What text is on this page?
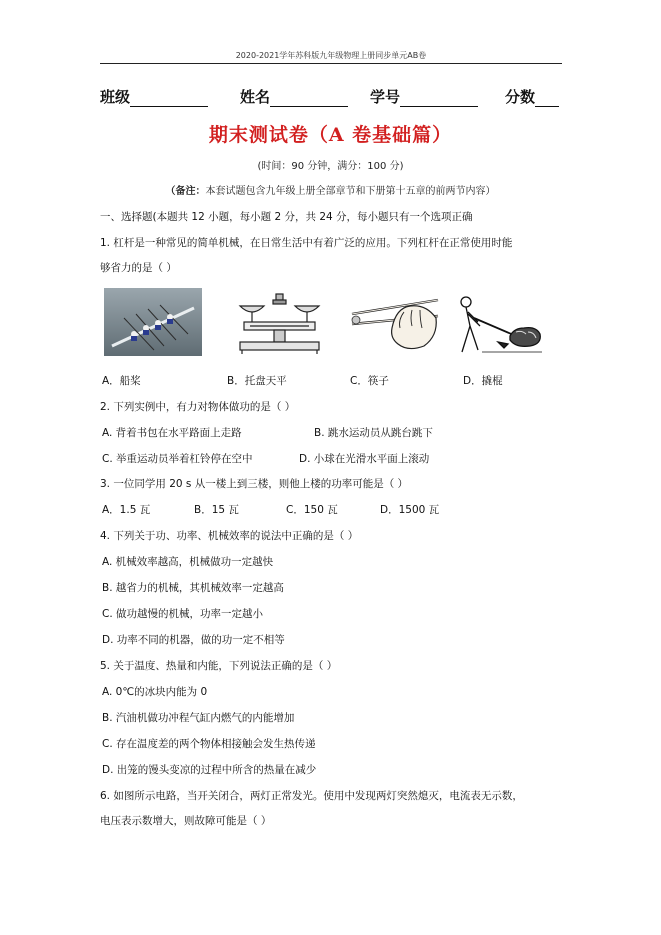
2020-2021学年苏科版九年级物理上册同步单元AB卷
班级	姓名	学号	分数
期末测试卷（A 卷基础篇）
(时间：90 分钟，满分：100 分)
（备注：本套试题包含九年级上册全部章节和下册第十五章的前两节内容）
一、选择题(本题共 12 小题，每小题 2 分，共 24 分，每小题只有一个选项正确
1. 杠杆是一种常见的简单机械，在日常生活中有着广泛的应用。下列杠杆在正常使用时能
够省力的是（ ）
A．船桨	B．托盘天平	C．筷子	D．撬棍
2. 下列实例中，有力对物体做功的是（ ）
A. 背着书包在水平路面上走路	B. 跳水运动员从跳台跳下
C. 举重运动员举着杠铃停在空中	D. 小球在光滑水平面上滚动
3. 一位同学用 20 s 从一楼上到三楼，则他上楼的功率可能是（ ）
A．1.5 瓦	B．15 瓦	C．150 瓦	D．1500 瓦
4. 下列关于功、功率、机械效率的说法中正确的是（ ）
A. 机械效率越高，机械做功一定越快
B. 越省力的机械，其机械效率一定越高
C. 做功越慢的机械，功率一定越小
D. 功率不同的机器，做的功一定不相等
5. 关于温度、热量和内能，下列说法正确的是（ ）
A. 0℃的冰块内能为 0
B. 汽油机做功冲程气缸内燃气的内能增加
C. 存在温度差的两个物体相接触会发生热传递
D. 出笼的馒头变凉的过程中所含的热量在减少
6. 如图所示电路，当开关闭合，两灯正常发光。使用中发现两灯突然熄灭，电流表无示数，
电压表示数增大，则故障可能是（ ）
